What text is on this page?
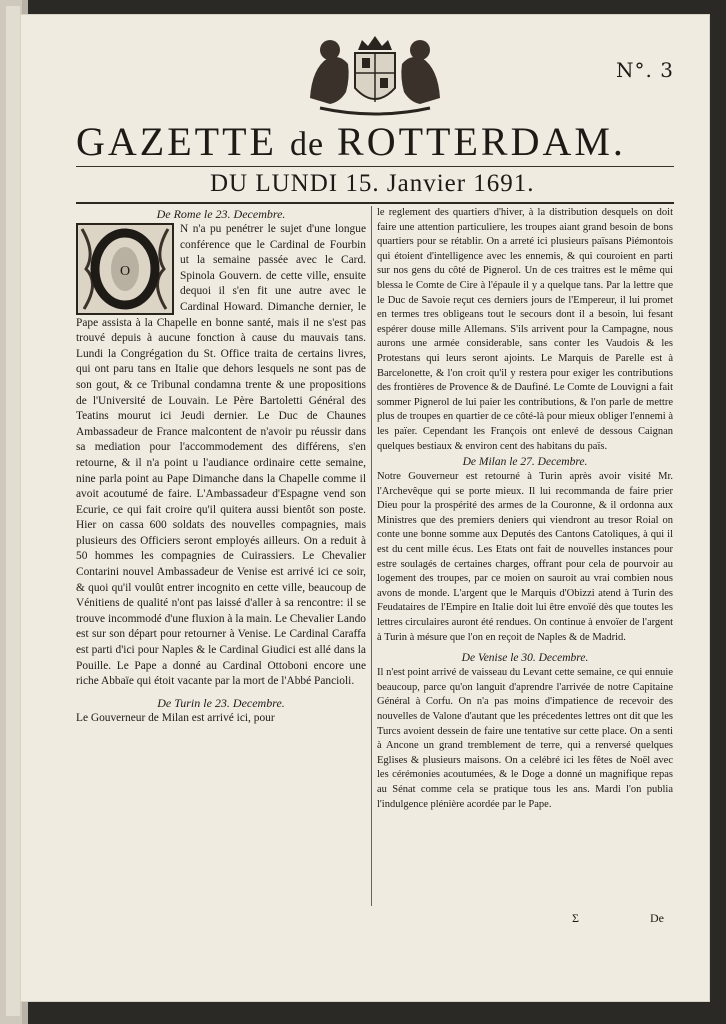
N°. 3
GAZETTE de ROTTERDAM.
DU LUNDI 15. Janvier 1691.

De Rome le 23. Decembre.

O

N n'a pu penétrer le sujet d'une longue conférence que le Cardinal de Fourbin ut la semaine passée avec le Card. Spinola Gouvern. de cette ville, ensuite dequoi il s'en fit une autre avec le Cardinal Howard. Dimanche dernier, le Pape assista à la Chapelle en bonne santé, mais il ne s'est pas trouvé depuis à aucune fonction à cause du mauvais tans. Lundi la Congrégation du St. Office traita de certains livres, qui ont paru tans en Italie que dehors lesquels ne sont pas de son gout, & ce Tribunal condamna trente & une propositions de l'Université de Louvain. Le Père Bartoletti Général des Teatins mourut ici Jeudi dernier. Le Duc de Chaunes Ambassadeur de France malcontent de n'avoir pu réussir dans sa mediation pour l'accommodement des différens, s'en retourne, & il n'a point u l'audiance ordinaire cette semaine, nine parla point au Pape Dimanche dans la Chapelle comme il avoit acoutumé de faire. L'Ambassadeur d'Espagne vend son Ecurie, ce qui fait croire qu'il quitera aussi bientôt son poste. Hier on cassa 600 soldats des nouvelles compagnies, mais plusieurs des Officiers seront employés ailleurs. On a reduit à 50 hommes les compagnies de Cuirassiers. Le Chevalier Contarini nouvel Ambassadeur de Venise est arrivé ici ce soir, & quoi qu'il voulût entrer incognito en cette ville, beaucoup de Vénitiens de qualité n'ont pas laissé d'aller à sa rencontre: il se trouve incommodé d'une fluxion à la main. Le Chevalier Lando est sur son départ pour retourner à Venise. Le Cardinal Caraffa est parti d'ici pour Naples & le Cardinal Giudici est allé dans la Pouille. Le Pape a donné au Cardinal Ottoboni encore une riche Abbaïe qui étoit vacante par la mort de l'Abbé Pancioli.

De Turin le 23. Decembre.

Le Gouverneur de Milan est arrivé ici, pour

le reglement des quartiers d'hiver, à la distribution desquels on doit faire une attention particuliere, les troupes aiant grand besoin de bons quartiers pour se rétablir. On a arreté ici plusieurs païsans Piémontois qui étoient d'intelligence avec les ennemis, & qui couroient en parti sur nos gens du côté de Pignerol. Un de ces traitres est le même qui blessa le Comte de Cire à l'épaule il y a quelque tans. Par la lettre que le Duc de Savoie reçut ces derniers jours de l'Empereur, il lui promet en termes tres obligeans tout le secours dont il a besoin, lui fesant espérer douse mille Allemans. S'ils arrivent pour la Campagne, nous aurons une armée considerable, sans conter les Vaudois & les Protestans qui leurs seront ajoints. Le Marquis de Parelle est à Barcelonette, & l'on croit qu'il y restera pour exiger les contributions des frontières de Provence & de Daufiné. Le Comte de Louvigni a fait sommer Pignerol de lui paier les contributions, & l'on parle de mettre plus de troupes en quartier de ce côté-là pour mieux obliger l'ennemi à les païer. Cependant les François ont enlevé de dessous Caignan quelques bestiaux & environ cent des habitans du païs.

De Milan le 27. Decembre.

Notre Gouverneur est retourné à Turin après avoir visité Mr. l'Archevêque qui se porte mieux. Il lui recommanda de faire prier Dieu pour la prospérité des armes de la Couronne, & il ordonna aux Ministres que des premiers deniers qui viendront au tresor Roial on conte une bonne somme aux Deputés des Cantons Catoliques, à qui il est du cent mille écus. Les Etats ont fait de nouvelles instances pour estre soulagés de certaines charges, offrant pour cela de pourvoir au logement des troupes, par ce moien on sauroit au vrai combien nous avons de monde. L'argent que le Marquis d'Obizzi atend à Turin des Feudataires de l'Empire en Italie doit lui être envoïé dès que toutes les lettres circulaires auront été rendues. On continue à envoïer de l'argent à Turin à mésure que l'on en reçoit de Naples & de Madrid.

De Venise le 30. Decembre.

Il n'est point arrivé de vaisseau du Levant cette semaine, ce qui ennuie beaucoup, parce qu'on languit d'aprendre l'arrivée de notre Capitaine Général à Corfu. On n'a pas moins d'impatience de recevoir des nouvelles de Valone d'autant que les précedentes lettres ont dit que les Turcs avoient dessein de faire une tentative sur cette place. On a senti à Ancone un grand tremblement de terre, qui a renversé quelques Eglises & plusieurs maisons. On a celébré ici les fêtes de Noël avec les cérémonies acoutumées, & le Doge a donné un magnifique repas au Sénat comme cela se pratique tous les ans. Mardi l'on publia l'indulgence plénière acordée par le Pape.

Σ	De
